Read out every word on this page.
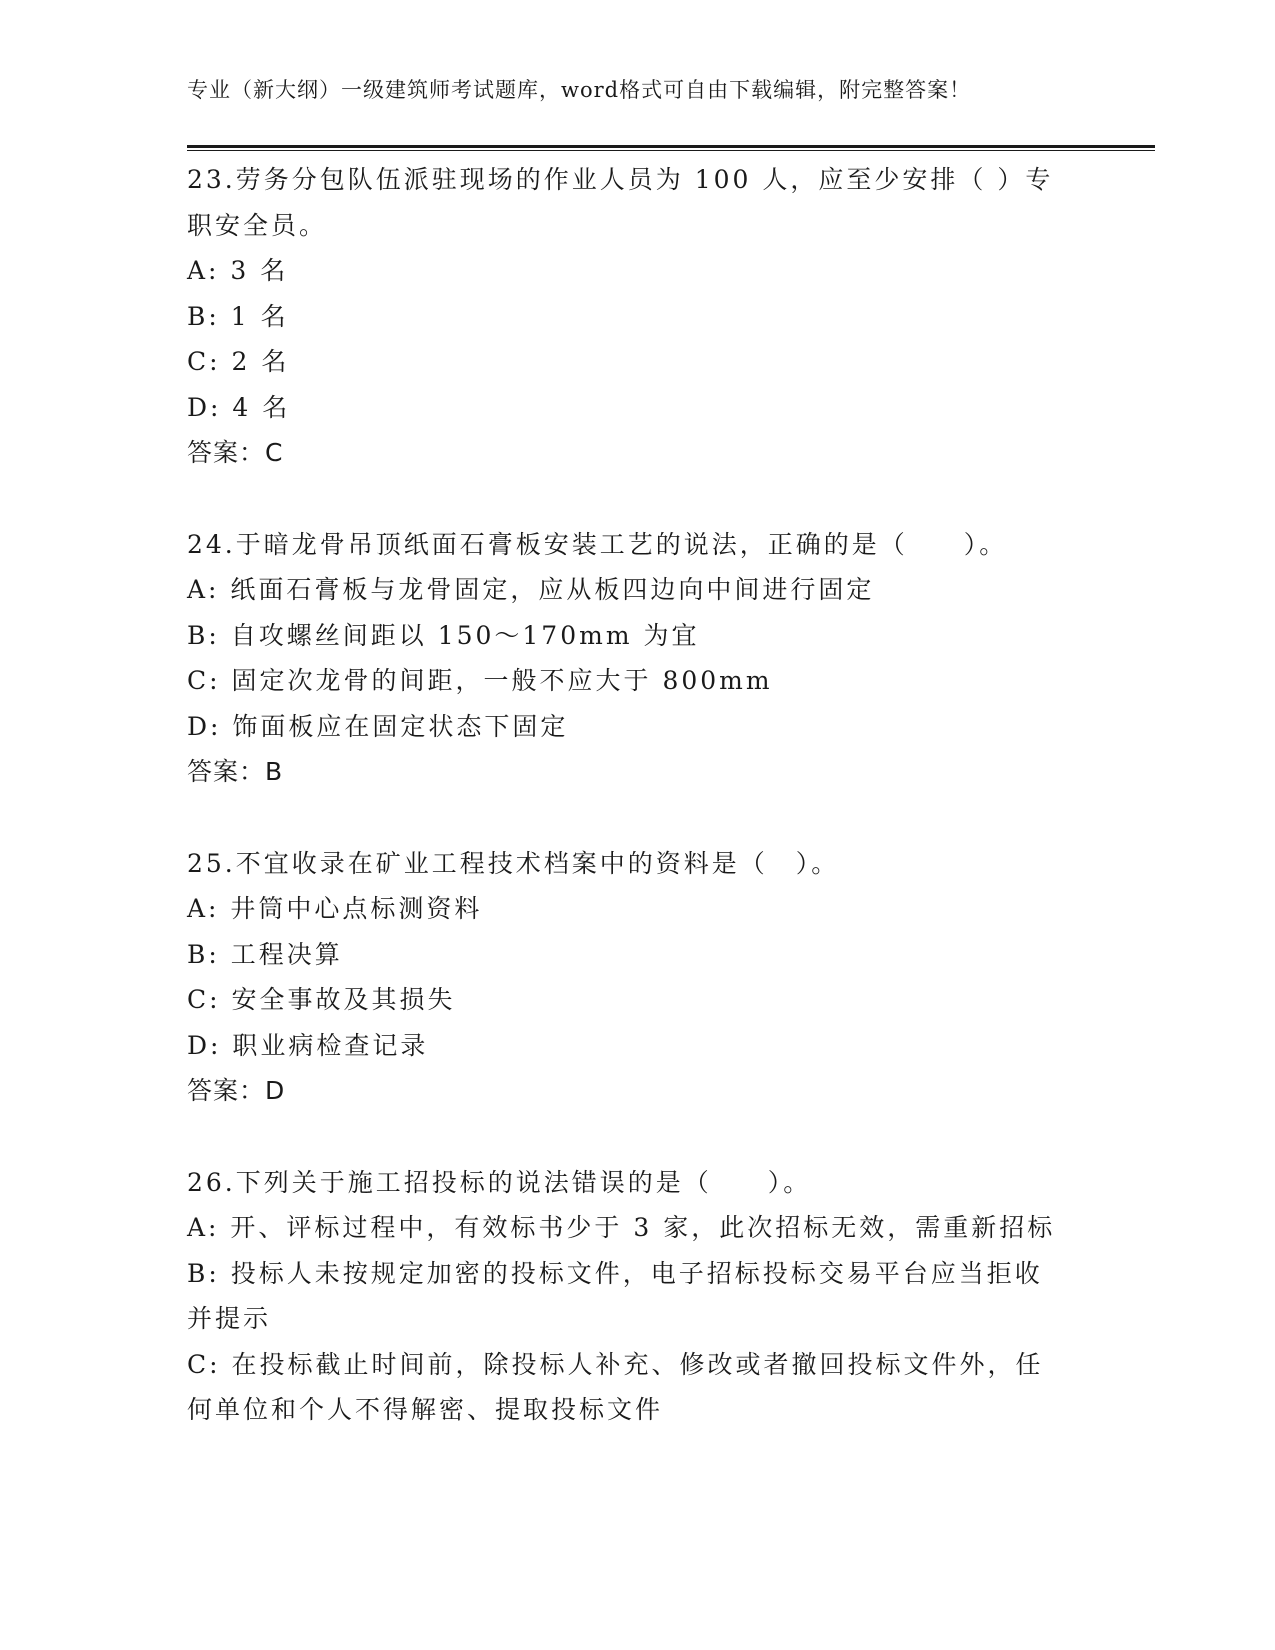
专业（新大纲）一级建筑师考试题库，word格式可自由下载编辑，附完整答案！
23.劳务分包队伍派驻现场的作业人员为 100 人，应至少安排（ ）专
职安全员。
A: 3 名
B: 1 名
C: 2 名
D: 4 名
答案：C
24.于暗龙骨吊顶纸面石膏板安装工艺的说法，正确的是（　　）。
A: 纸面石膏板与龙骨固定，应从板四边向中间进行固定
B: 自攻螺丝间距以 150～170mm 为宜
C: 固定次龙骨的间距，一般不应大于 800mm
D: 饰面板应在固定状态下固定
答案：B
25.不宜收录在矿业工程技术档案中的资料是（　）。
A: 井筒中心点标测资料
B: 工程决算
C: 安全事故及其损失
D: 职业病检查记录
答案：D
26.下列关于施工招投标的说法错误的是（　　）。
A: 开、评标过程中，有效标书少于 3 家，此次招标无效，需重新招标
B: 投标人未按规定加密的投标文件，电子招标投标交易平台应当拒收
并提示
C: 在投标截止时间前，除投标人补充、修改或者撤回投标文件外，任
何单位和个人不得解密、提取投标文件
